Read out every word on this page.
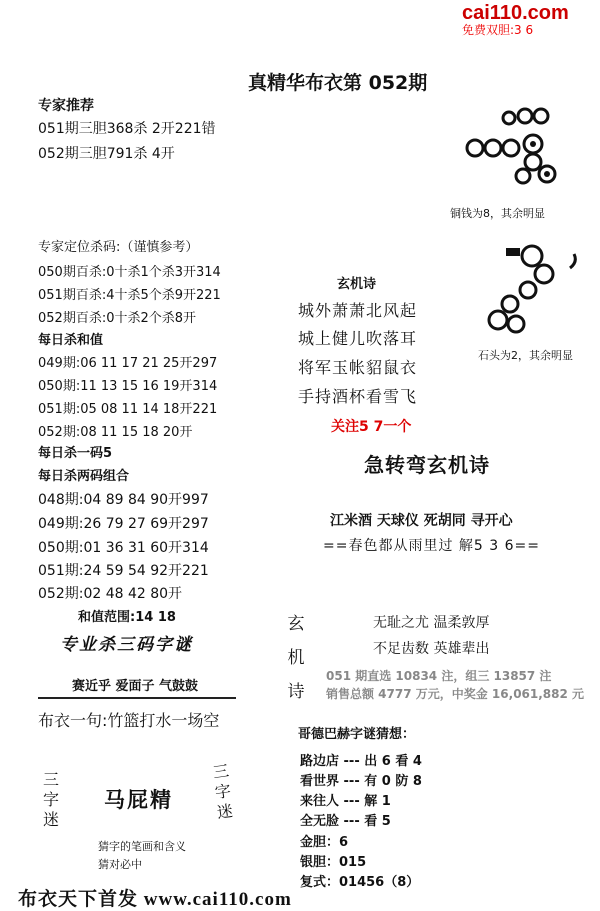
cai110.com
免费双胆:3 6
真精华布衣第 052期
专家推荐
051期三胆368杀 2开221错
052期三胆791杀 4开
专家定位杀码:（谨慎参考）
050期百杀:0十杀1个杀3开314
051期百杀:4十杀5个杀9开221
052期百杀:0十杀2个杀8开
每日杀和值
049期:06 11 17 21 25开297
050期:11 13 15 16 19开314
051期:05 08 11 14 18开221
052期:08 11 15 18 20开
每日杀一码5
每日杀两码组合
048期:04 89 84 90开997
049期:26 79 27 69开297
050期:01 36 31 60开314
051期:24 59 54 92开221
052期:02 48 42 80开
和值范围:14 18
专业杀三码字谜
赛近乎 爱面子 气鼓鼓
布衣一句:竹篮打水一场空
三
字
迷
马屁精
三
字
迷
猜字的笔画和含义
猜对必中
铜钱为8，其余明显
石头为2，其余明显
玄机诗
城外萧萧北风起
城上健儿吹落耳
将军玉帐貂鼠衣
手持酒杯看雪飞
关注5 7一个
急转弯玄机诗
江米酒 天球仪 死胡同 寻开心
==春色都从雨里过 解5 3 6==
玄
机
诗
无耻之尤 温柔敦厚
不足齿数 英雄辈出
051 期直选 10834 注，组三 13857 注
销售总额 4777 万元，中奖金 16,061,882 元
哥德巴赫字谜猜想：
路边店 --- 出 6 看 4
看世界 --- 有 0 防 8
来往人 --- 解 1
全无脸 --- 看 5
金胆：6
银胆：015
复式：01456（8）
布衣天下首发 www.cai110.com
